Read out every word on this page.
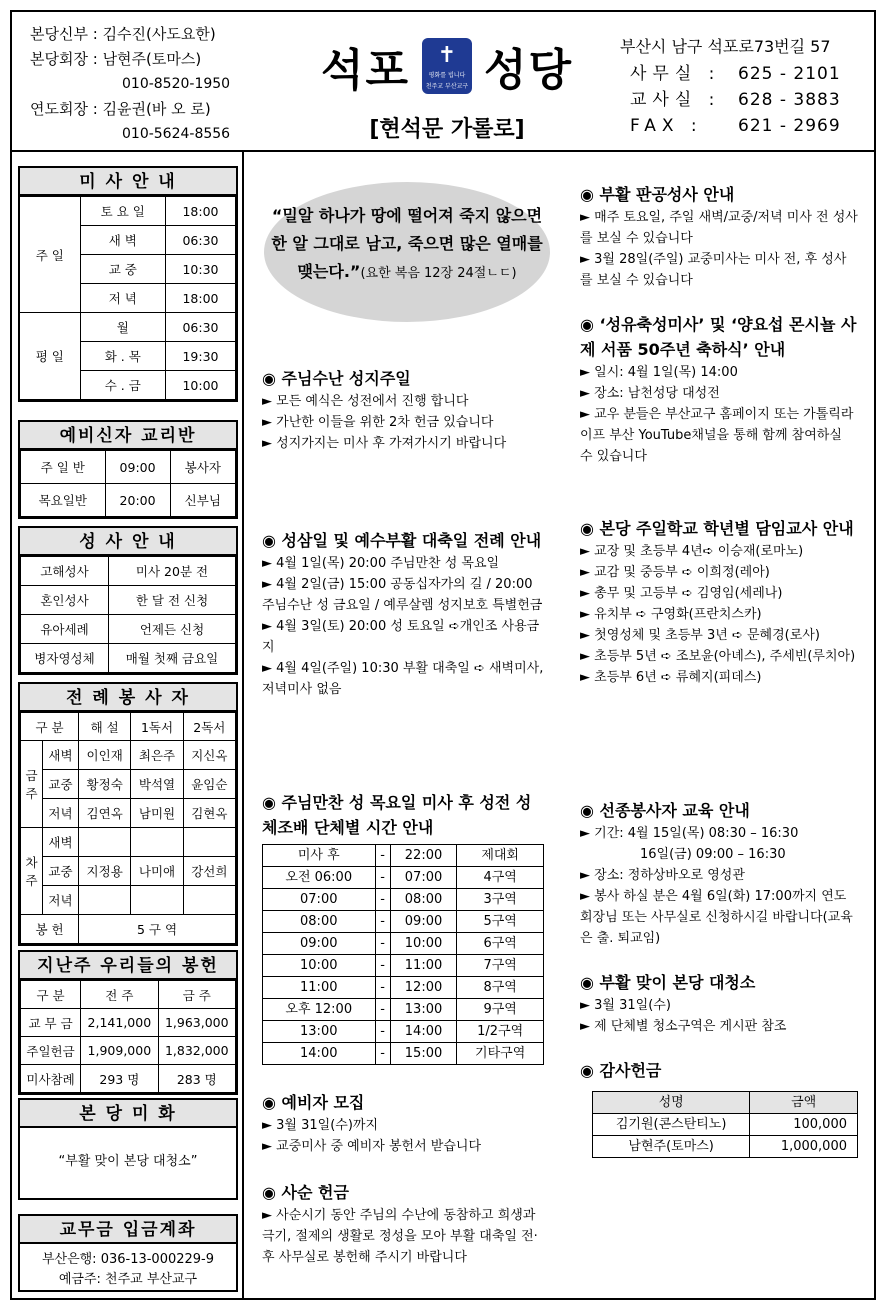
본당신부 : 김수진(사도요한)
본당회장 : 남현주(토마스)
010-8520-1950
연도회장 : 김윤권(바 오 로)
010-5624-8556
석포	✝
평화를 빕니다
천주교 부산교구 성당
[현석문 가롤로]
부산시 남구 석포로73번길 57
사무실 :	625 - 2101
교사실 :	628 - 3883
FAX :	621 - 2969
미 사 안 내
주 일	토 요 일	18:00
	새 벽	06:30
	교 중	10:30
	저 녁	18:00
평 일	월	06:30
	화 . 목	19:30
	수 . 금	10:00
예비신자 교리반
주 일 반	09:00	봉사자
목요일반	20:00	신부님
성 사 안 내
고해성사	미사 20분 전
혼인성사	한 달 전 신청
유아세례	언제든 신청
병자영성체	매월 첫째 금요일
전 례 봉 사 자
구 분		해 설	1독서	2독서
금 주	새벽	이인재	최은주	지신옥
	교중	황정숙	박석열	윤임순
	저녁	김연옥	남미원	김현옥
차 주	새벽			
	교중	지정용	나미애	강선희
	저녁			
봉 헌		5 구 역		
지난주 우리들의 봉헌
구 분	전 주	금 주
교 무 금	2,141,000	1,963,000
주일헌금	1,909,000	1,832,000
미사참례	293 명	283 명
본 당 미 화
“부활 맞이 본당 대청소”
교무금 입금계좌
부산은행: 036-13-000229-9
예금주: 천주교 부산교구
“밀알 하나가 땅에 떨어져 죽지 않으면 한 알 그대로 남고, 죽으면 많은 열매를 맺는다.”(요한 복음 12장 24절ㄴㄷ)
◉ 주님수난 성지주일

► 모든 예식은 성전에서 진행 합니다

► 가난한 이들을 위한 2차 헌금 있습니다

► 성지가지는 미사 후 가져가시기 바랍니다

◉ 성삼일 및 예수부활 대축일 전례 안내

► 4월 1일(목) 20:00 주님만찬 성 목요일

► 4월 2일(금) 15:00 공동십자가의 길 / 20:00 주님수난 성 금요일 / 예루살렘 성지보호 특별헌금

► 4월 3일(토) 20:00 성 토요일 ➪개인조 사용금지

► 4월 4일(주일) 10:30 부활 대축일 ➪ 새벽미사, 저녁미사 없음

◉ 주님만찬 성 목요일 미사 후 성전 성체조배 단체별 시간 안내
미사 후	-	22:00	제대회
오전 06:00	-	07:00	4구역
07:00	-	08:00	3구역
08:00	-	09:00	5구역
09:00	-	10:00	6구역
10:00	-	11:00	7구역
11:00	-	12:00	8구역
오후 12:00	-	13:00	9구역
13:00	-	14:00	1/2구역
14:00	-	15:00	기타구역
◉ 예비자 모집

► 3월 31일(수)까지

► 교중미사 중 예비자 봉헌서 받습니다

◉ 사순 헌금

► 사순시기 동안 주님의 수난에 동참하고 희생과 극기, 절제의 생활로 정성을 모아 부활 대축일 전·후 사무실로 봉헌해 주시기 바랍니다

◉ 부활 판공성사 안내

► 매주 토요일, 주일 새벽/교중/저녁 미사 전 성사를 보실 수 있습니다

► 3월 28일(주일) 교중미사는 미사 전, 후 성사를 보실 수 있습니다

◉ ‘성유축성미사’ 및 ‘양요섭 몬시뇰 사제 서품 50주년 축하식’ 안내

► 일시: 4월 1일(목) 14:00

► 장소: 남천성당 대성전

► 교우 분들은 부산교구 홈페이지 또는 가톨릭라이프 부산 YouTube채널을 통해 함께 참여하실 수 있습니다

◉ 본당 주일학교 학년별 담임교사 안내

► 교장 및 초등부 4년➪ 이승재(로마노)

► 교감 및 중등부 ➪ 이희정(레아)

► 총무 및 고등부 ➪ 김영임(세레나)

► 유치부 ➪ 구영화(프란치스카)

► 첫영성체 및 초등부 3년 ➪ 문혜경(로사)

► 초등부 5년 ➪ 조보윤(아녜스), 주세빈(루치아)

► 초등부 6년 ➪ 류혜지(피데스)

◉ 선종봉사자 교육 안내

► 기간: 4월 15일(목) 08:30 – 16:30

16일(금) 09:00 – 16:30

► 장소: 정하상바오로 영성관

► 봉사 하실 분은 4월 6일(화) 17:00까지 연도회장님 또는 사무실로 신청하시길 바랍니다(교육은 출. 퇴교임)

◉ 부활 맞이 본당 대청소

► 3월 31일(수)

► 제 단체별 청소구역은 게시판 참조

◉ 감사헌금
성명	금액
김기원(콘스탄티노)	100,000
남현주(토마스)	1,000,000
